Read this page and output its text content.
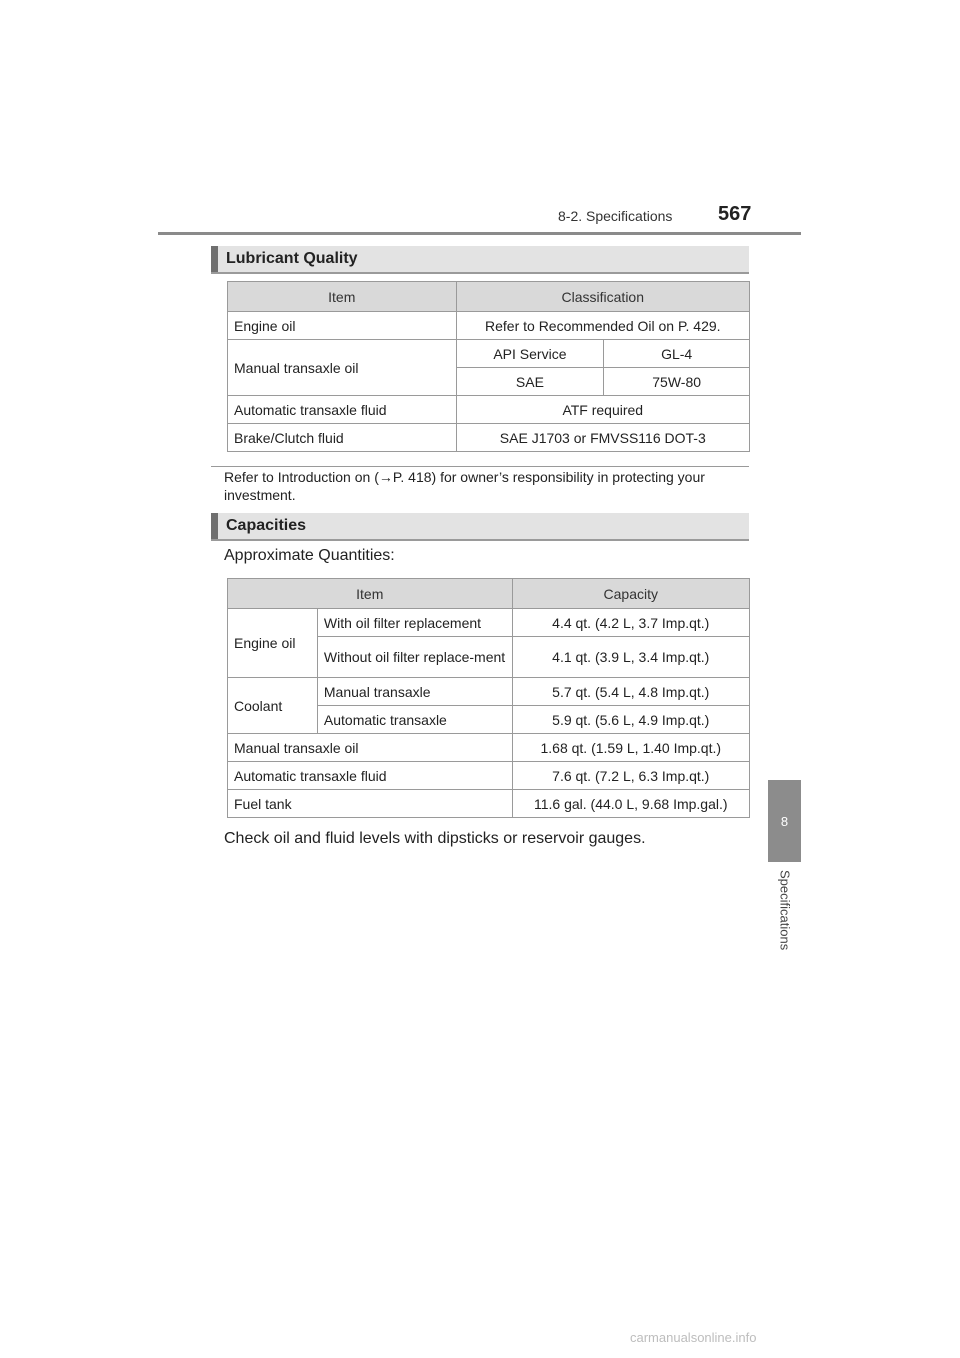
8-2. Specifications 567
8
Specifications
Lubricant Quality
Item	Classification	
Engine oil	Refer to Recommended Oil on P. 429.	
Manual transaxle oil	API Service	GL-4
	SAE	75W-80
Automatic transaxle fluid	ATF required	
Brake/Clutch fluid	SAE J1703 or FMVSS116 DOT-3	
Refer to Introduction on (→P. 418) for owner’s responsibility in protecting your investment.
Capacities
Approximate Quantities:
Item		Capacity
Engine oil	With oil filter replacement	4.4 qt. (4.2 L, 3.7 Imp.qt.)
	Without oil filter replace-ment	4.1 qt. (3.9 L, 3.4 Imp.qt.)
Coolant	Manual transaxle	5.7 qt. (5.4 L, 4.8 Imp.qt.)
	Automatic transaxle	5.9 qt. (5.6 L, 4.9 Imp.qt.)
Manual transaxle oil		1.68 qt. (1.59 L, 1.40 Imp.qt.)
Automatic transaxle fluid		7.6 qt. (7.2 L, 6.3 Imp.qt.)
Fuel tank		11.6 gal. (44.0 L, 9.68 Imp.gal.)
Check oil and fluid levels with dipsticks or reservoir gauges.
carmanualsonline.info
